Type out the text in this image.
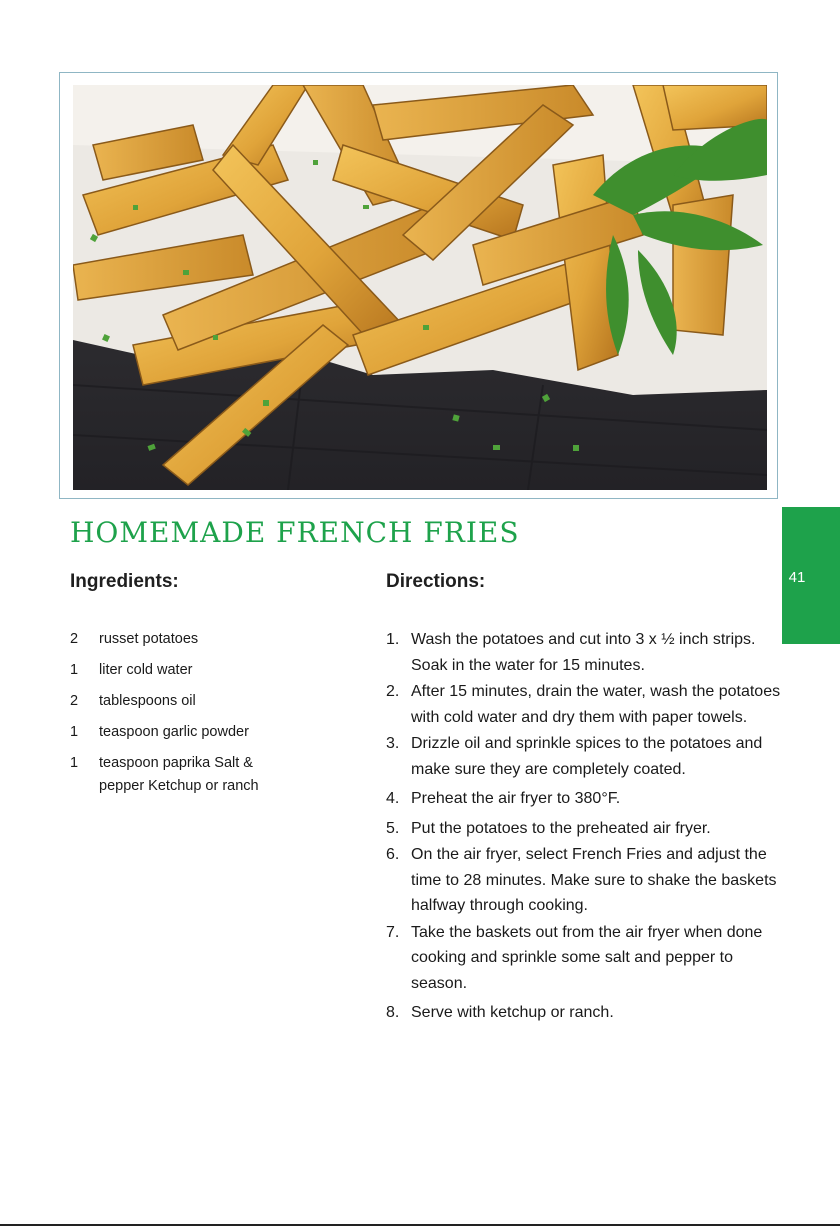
HOMEMADE FRENCH FRIES
Ingredients:	Directions:
2	russet potatoes
1	liter cold water
2	tablespoons oil
1	teaspoon garlic powder
1	teaspoon paprika Salt &
pepper Ketchup or ranch
1. Wash the potatoes and cut into 3 x ½ inch strips. Soak in the water for 15 minutes.
2. After 15 minutes, drain the water, wash the potatoes with cold water and dry them with paper towels.
3. Drizzle oil and sprinkle spices to the potatoes and make sure they are completely coated.
4. Preheat the air fryer to 380°F.
5. Put the potatoes to the preheated air fryer.
6. On the air fryer, select French Fries and adjust the time to 28 minutes. Make sure to shake the baskets halfway through cooking.
7. Take the baskets out from the air fryer when done cooking and sprinkle some salt and pepper to season.
8. Serve with ketchup or ranch.
41
